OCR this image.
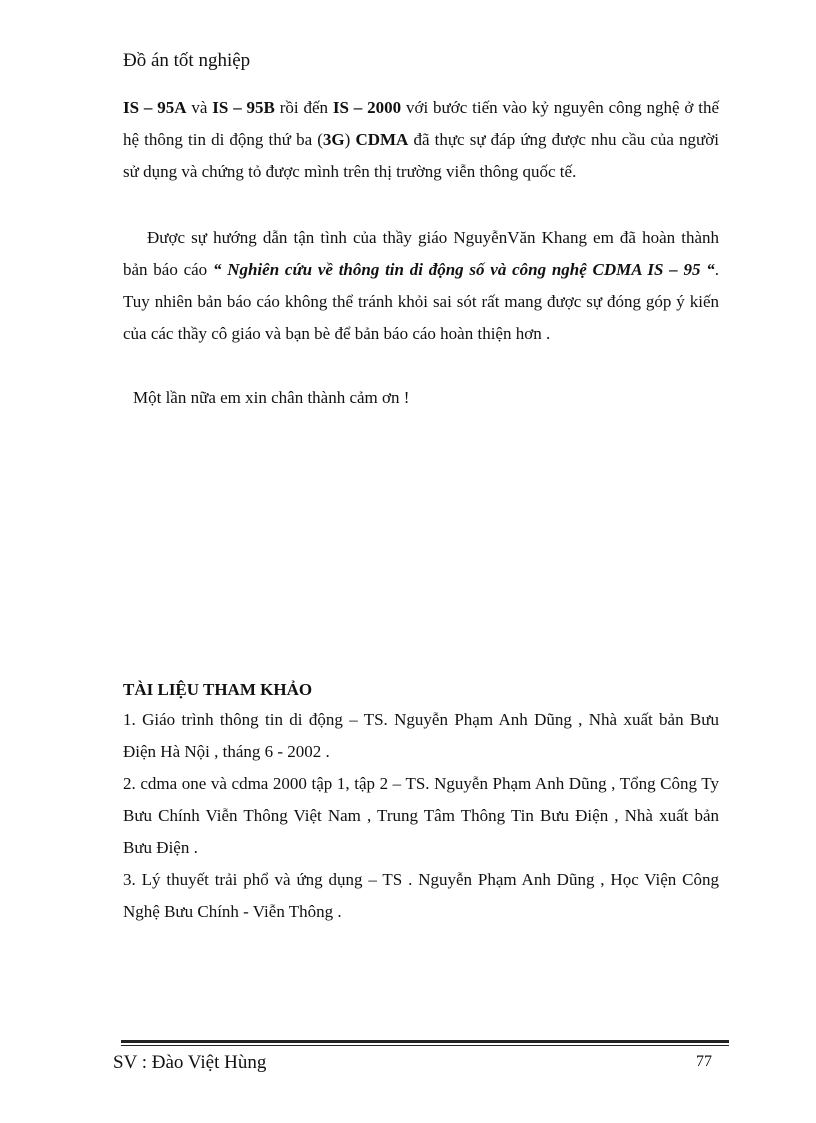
Đồ án tốt nghiệp

IS – 95A và IS – 95B rồi đến IS – 2000 với bước tiến vào kỷ nguyên công nghệ ở thế hệ thông tin di động thứ ba (3G) CDMA đã thực sự đáp ứng được nhu cầu của người sử dụng và chứng tỏ được mình trên thị trường viễn thông quốc tế.

Được sự hướng dẫn tận tình của thầy giáo NguyễnVăn Khang em đã hoàn thành bản báo cáo “ Nghiên cứu về thông tin di động số và công nghệ CDMA IS – 95 “. Tuy nhiên bản báo cáo không thể tránh khỏi sai sót rất mang được sự đóng góp ý kiến của các thầy cô giáo và bạn bè để bản báo cáo hoàn thiện hơn .

Một lần nữa em xin chân thành cảm ơn !

TÀI LIỆU THAM KHẢO

1. Giáo trình thông tin di động – TS. Nguyễn Phạm Anh Dũng , Nhà xuất bản Bưu Điện Hà Nội , tháng 6 - 2002 .

2. cdma one và cdma 2000 tập 1, tập 2 – TS. Nguyễn Phạm Anh Dũng , Tổng Công Ty Bưu Chính Viễn Thông Việt Nam , Trung Tâm Thông Tin Bưu Điện , Nhà xuất bản Bưu Điện .

3. Lý thuyết trải phổ và ứng dụng – TS . Nguyễn Phạm Anh Dũng , Học Viện Công Nghệ Bưu Chính - Viễn Thông .

SV : Đào Việt Hùng	77
